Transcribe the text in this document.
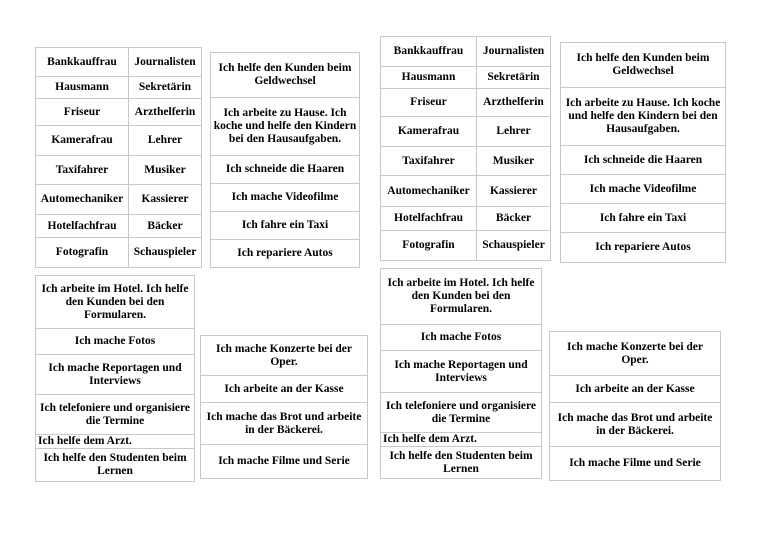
Bankkauffrau	Journalisten
Hausmann	Sekretärin
Friseur	Arzthelferin
Kamerafrau	Lehrer
Taxifahrer	Musiker
Automechaniker	Kassierer
Hotelfachfrau	Bäcker
Fotografin	Schauspieler
Ich helfe den Kunden beim Geldwechsel
Ich arbeite zu Hause. Ich koche und helfe den Kindern bei den Hausaufgaben.
Ich schneide die Haaren
Ich mache Videofilme
Ich fahre ein Taxi
Ich repariere Autos
Ich arbeite im Hotel. Ich helfe den Kunden bei den Formularen.
Ich mache Fotos
Ich mache Reportagen und Interviews
Ich telefoniere und organisiere die Termine
Ich helfe dem Arzt.
Ich helfe den Studenten beim Lernen
Ich mache Konzerte bei der Oper.
Ich arbeite an der Kasse
Ich mache das Brot und arbeite in der Bäckerei.
Ich mache Filme und Serie
Bankkauffrau	Journalisten
Hausmann	Sekretärin
Friseur	Arzthelferin
Kamerafrau	Lehrer
Taxifahrer	Musiker
Automechaniker	Kassierer
Hotelfachfrau	Bäcker
Fotografin	Schauspieler
Ich helfe den Kunden beim Geldwechsel
Ich arbeite zu Hause. Ich koche und helfe den Kindern bei den Hausaufgaben.
Ich schneide die Haaren
Ich mache Videofilme
Ich fahre ein Taxi
Ich repariere Autos
Ich arbeite im Hotel. Ich helfe den Kunden bei den Formularen.
Ich mache Fotos
Ich mache Reportagen und Interviews
Ich telefoniere und organisiere die Termine
Ich helfe dem Arzt.
Ich helfe den Studenten beim Lernen
Ich mache Konzerte bei der Oper.
Ich arbeite an der Kasse
Ich mache das Brot und arbeite in der Bäckerei.
Ich mache Filme und Serie
